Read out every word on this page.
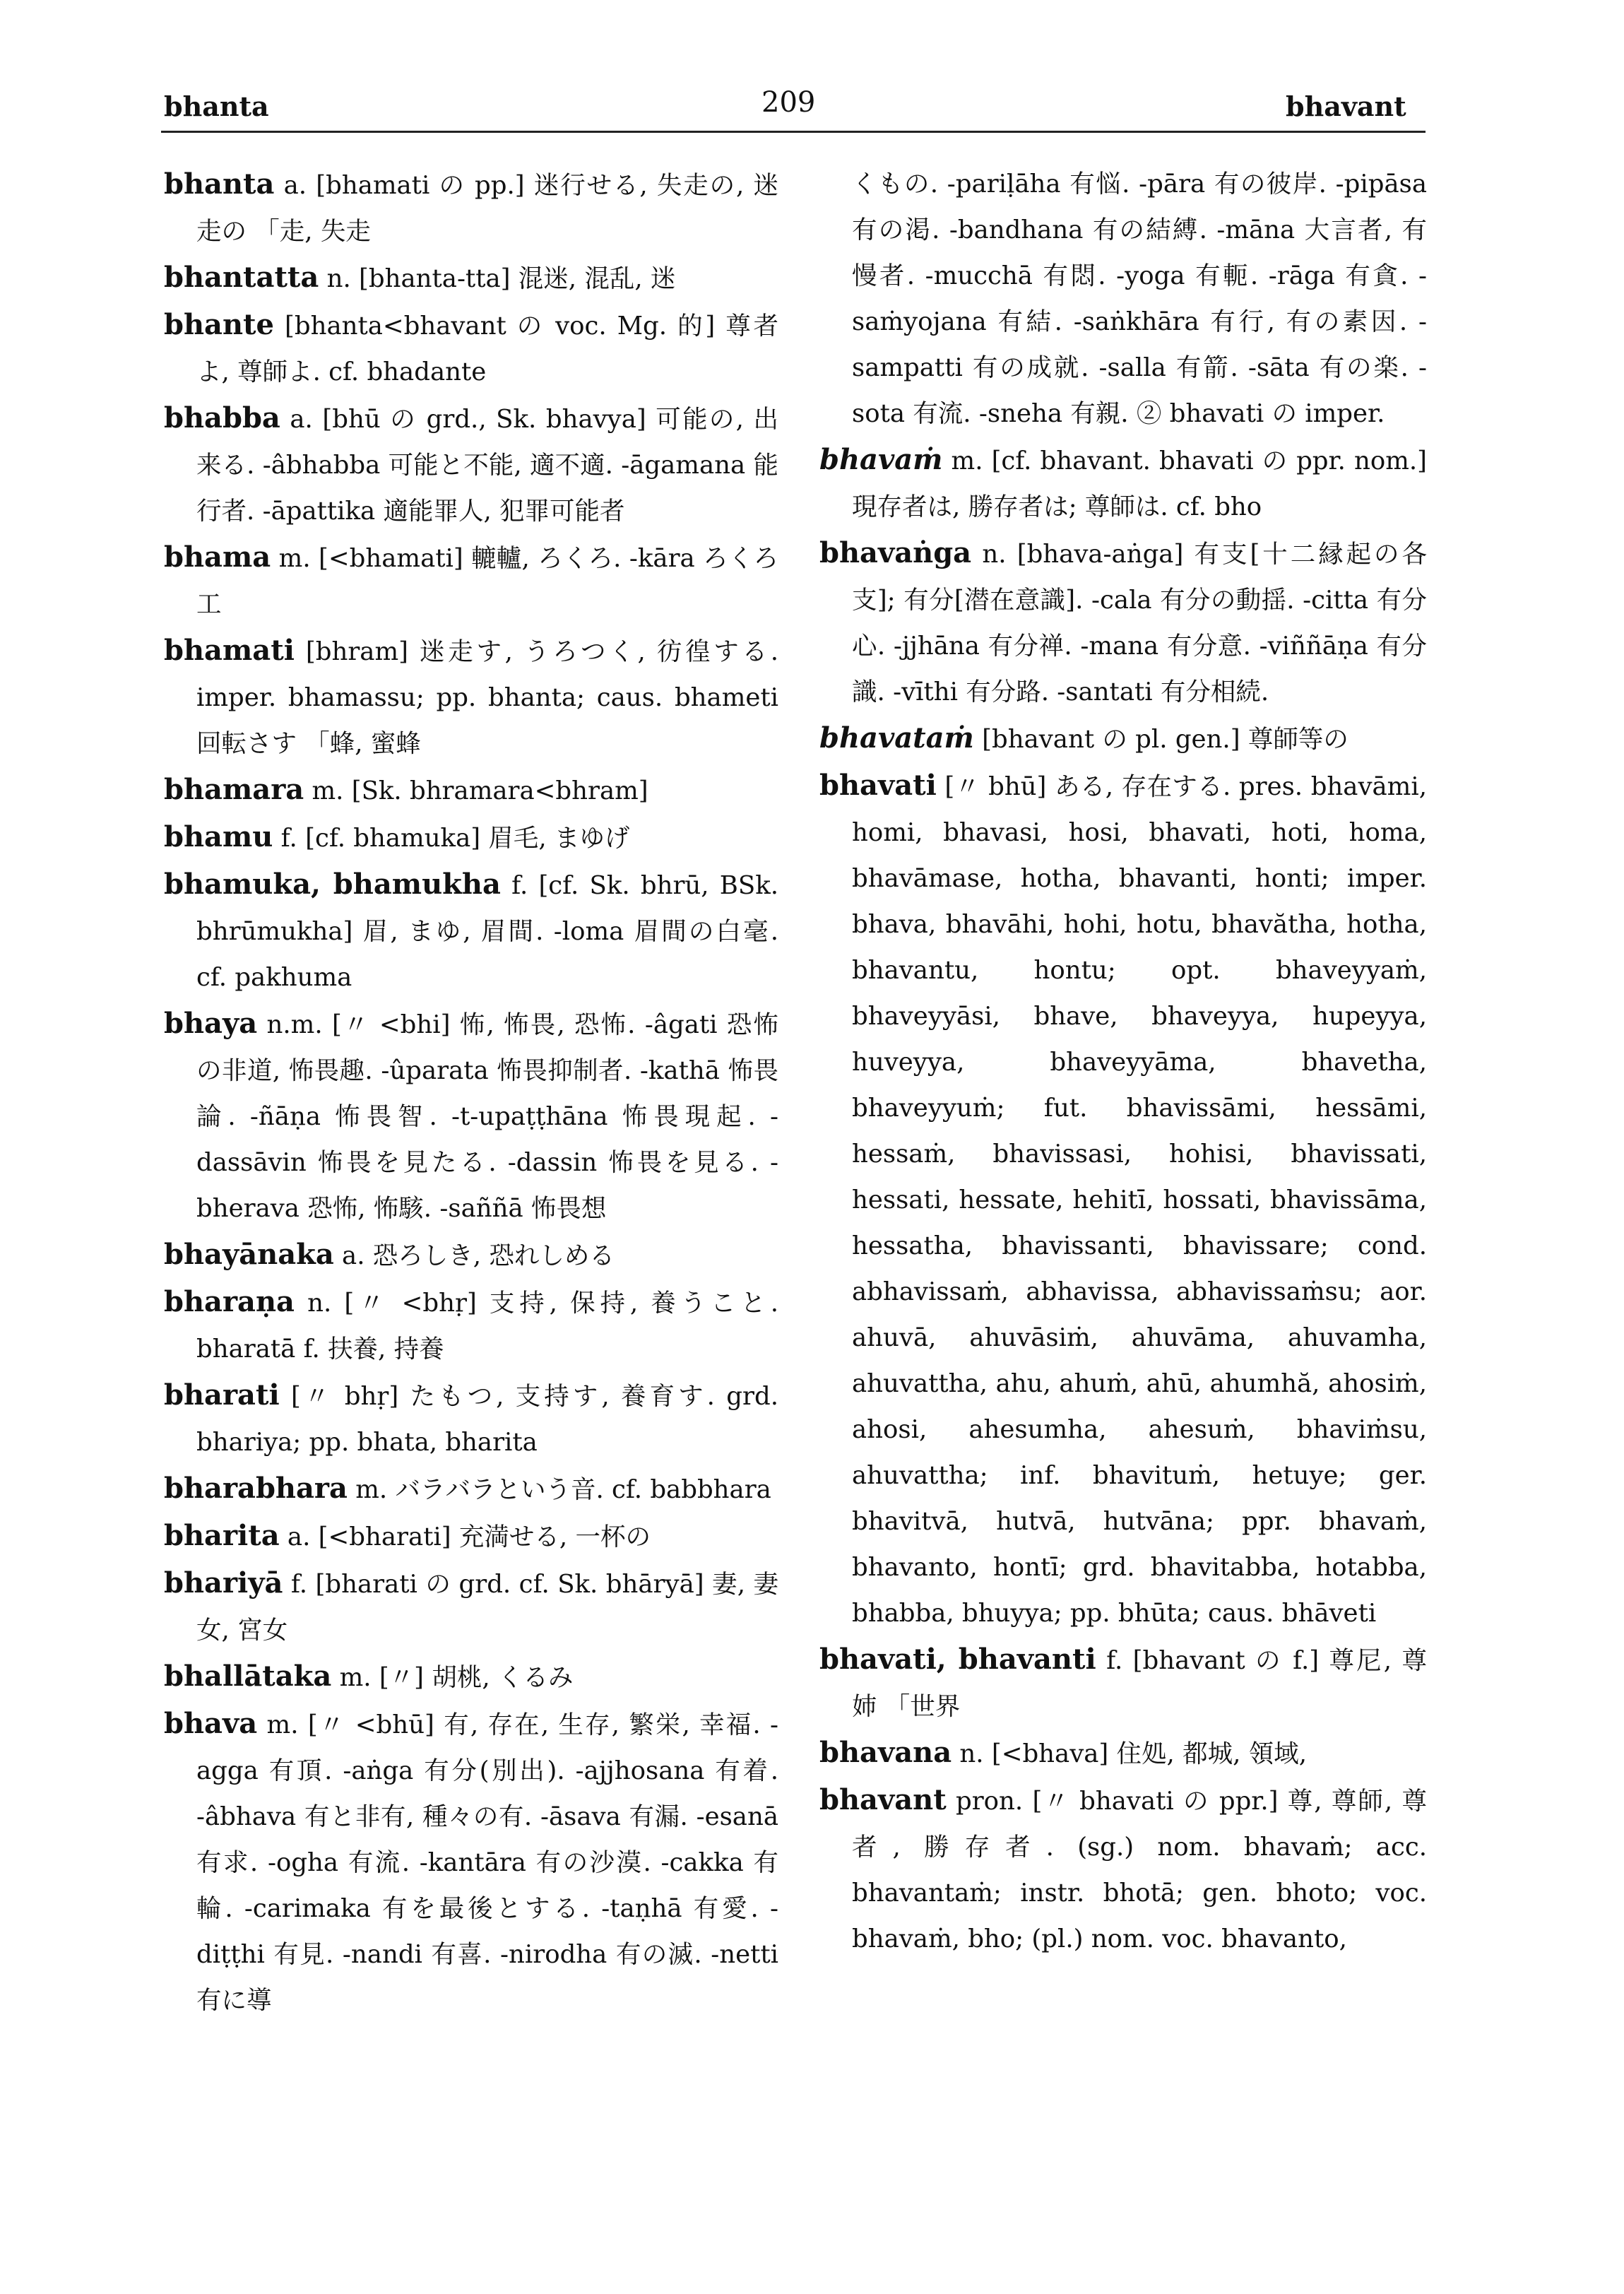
bhanta	209	bhavant

bhanta a. [bhamati の pp.] 迷行せる, 失走の, 迷走の 「走, 失走

bhantatta n. [bhanta-tta] 混迷, 混乱, 迷

bhante [bhanta<bhavant の voc. Mg. 的] 尊者よ, 尊師よ. cf. bhadante

bhabba a. [bhū の grd., Sk. bhavya] 可能の, 出来る. -âbhabba 可能と不能, 適不適. -āgamana 能行者. -āpattika 適能罪人, 犯罪可能者

bhama m. [<bhamati] 轆轤, ろくろ. -kāra ろくろ工

bhamati [bhram] 迷走す, うろつく, 彷徨する. imper. bhamassu; pp. bhanta; caus. bhameti 回転さす 「蜂, 蜜蜂

bhamara m. [Sk. bhramara<bhram]

bhamu f. [cf. bhamuka] 眉毛, まゆげ

bhamuka, bhamukha f. [cf. Sk. bhrū, BSk. bhrūmukha] 眉, まゆ, 眉間. -loma 眉間の白毫. cf. pakhuma

bhaya n.m. [〃 <bhi] 怖, 怖畏, 恐怖. -âgati 恐怖の非道, 怖畏趣. -ûparata 怖畏抑制者. -kathā 怖畏論. -ñāṇa 怖畏智. -t-upaṭṭhāna 怖畏現起. -dassāvin 怖畏を見たる. -dassin 怖畏を見る. -bherava 恐怖, 怖駭. -saññā 怖畏想

bhayānaka a. 恐ろしき, 恐れしめる

bharaṇa n. [〃 <bhṛ] 支持, 保持, 養うこと. bharatā f. 扶養, 持養

bharati [〃 bhṛ] たもつ, 支持す, 養育す. grd. bhariya; pp. bhata, bharita

bharabhara m. バラバラという音. cf. babbhara

bharita a. [<bharati] 充満せる, 一杯の

bhariyā f. [bharati の grd. cf. Sk. bhāryā] 妻, 妻女, 宮女

bhallātaka m. [〃] 胡桃, くるみ

bhava m. [〃 <bhū] 有, 存在, 生存, 繁栄, 幸福. -agga 有頂. -aṅga 有分(別出). -ajjhosana 有着. -âbhava 有と非有, 種々の有. -āsava 有漏. -esanā 有求. -ogha 有流. -kantāra 有の沙漠. -cakka 有輪. -carimaka 有を最後とする. -taṇhā 有愛. -diṭṭhi 有見. -nandi 有喜. -nirodha 有の滅. -netti 有に導

くもの. -pariḷāha 有悩. -pāra 有の彼岸. -pipāsa 有の渇. -bandhana 有の結縛. -māna 大言者, 有慢者. -mucchā 有悶. -yoga 有軛. -rāga 有貪. -saṁyojana 有結. -saṅkhāra 有行, 有の素因. -sampatti 有の成就. -salla 有箭. -sāta 有の楽. -sota 有流. -sneha 有親. ② bhavati の imper.

bhavaṁ m. [cf. bhavant. bhavati の ppr. nom.] 現存者は, 勝存者は; 尊師は. cf. bho

bhavaṅga n. [bhava-aṅga] 有支[十二縁起の各支]; 有分[潜在意識]. -cala 有分の動揺. -citta 有分心. -jjhāna 有分禅. -mana 有分意. -viññāṇa 有分識. -vīthi 有分路. -santati 有分相続.

bhavataṁ [bhavant の pl. gen.] 尊師等の

bhavati [〃 bhū] ある, 存在する. pres. bhavāmi, homi, bhavasi, hosi, bhavati, hoti, homa, bhavāmase, hotha, bhavanti, honti; imper. bhava, bhavāhi, hohi, hotu, bhavătha, hotha, bhavantu, hontu; opt. bhaveyyaṁ, bhaveyyāsi, bhave, bhaveyya, hupeyya, huveyya, bhaveyyāma, bhavetha, bhaveyyuṁ; fut. bhavissāmi, hessāmi, hessaṁ, bhavissasi, hohisi, bhavissati, hessati, hessate, hehitī, hossati, bhavissāma, hessatha, bhavissanti, bhavissare; cond. abhavissaṁ, abhavissa, abhavissaṁsu; aor. ahuvā, ahuvāsiṁ, ahuvāma, ahuvamha, ahuvattha, ahu, ahuṁ, ahū, ahumhă, ahosiṁ, ahosi, ahesumha, ahesuṁ, bhaviṁsu, ahuvattha; inf. bhavituṁ, hetuye; ger. bhavitvā, hutvā, hutvāna; ppr. bhavaṁ, bhavanto, hontī; grd. bhavitabba, hotabba, bhabba, bhuyya; pp. bhūta; caus. bhāveti

bhavati, bhavanti f. [bhavant の f.] 尊尼, 尊姉 「世界

bhavana n. [<bhava] 住処, 都城, 領域,

bhavant pron. [〃 bhavati の ppr.] 尊, 尊師, 尊者, 勝存者. (sg.) nom. bhavaṁ; acc. bhavantaṁ; instr. bhotā; gen. bhoto; voc. bhavaṁ, bho; (pl.) nom. voc. bhavanto,
